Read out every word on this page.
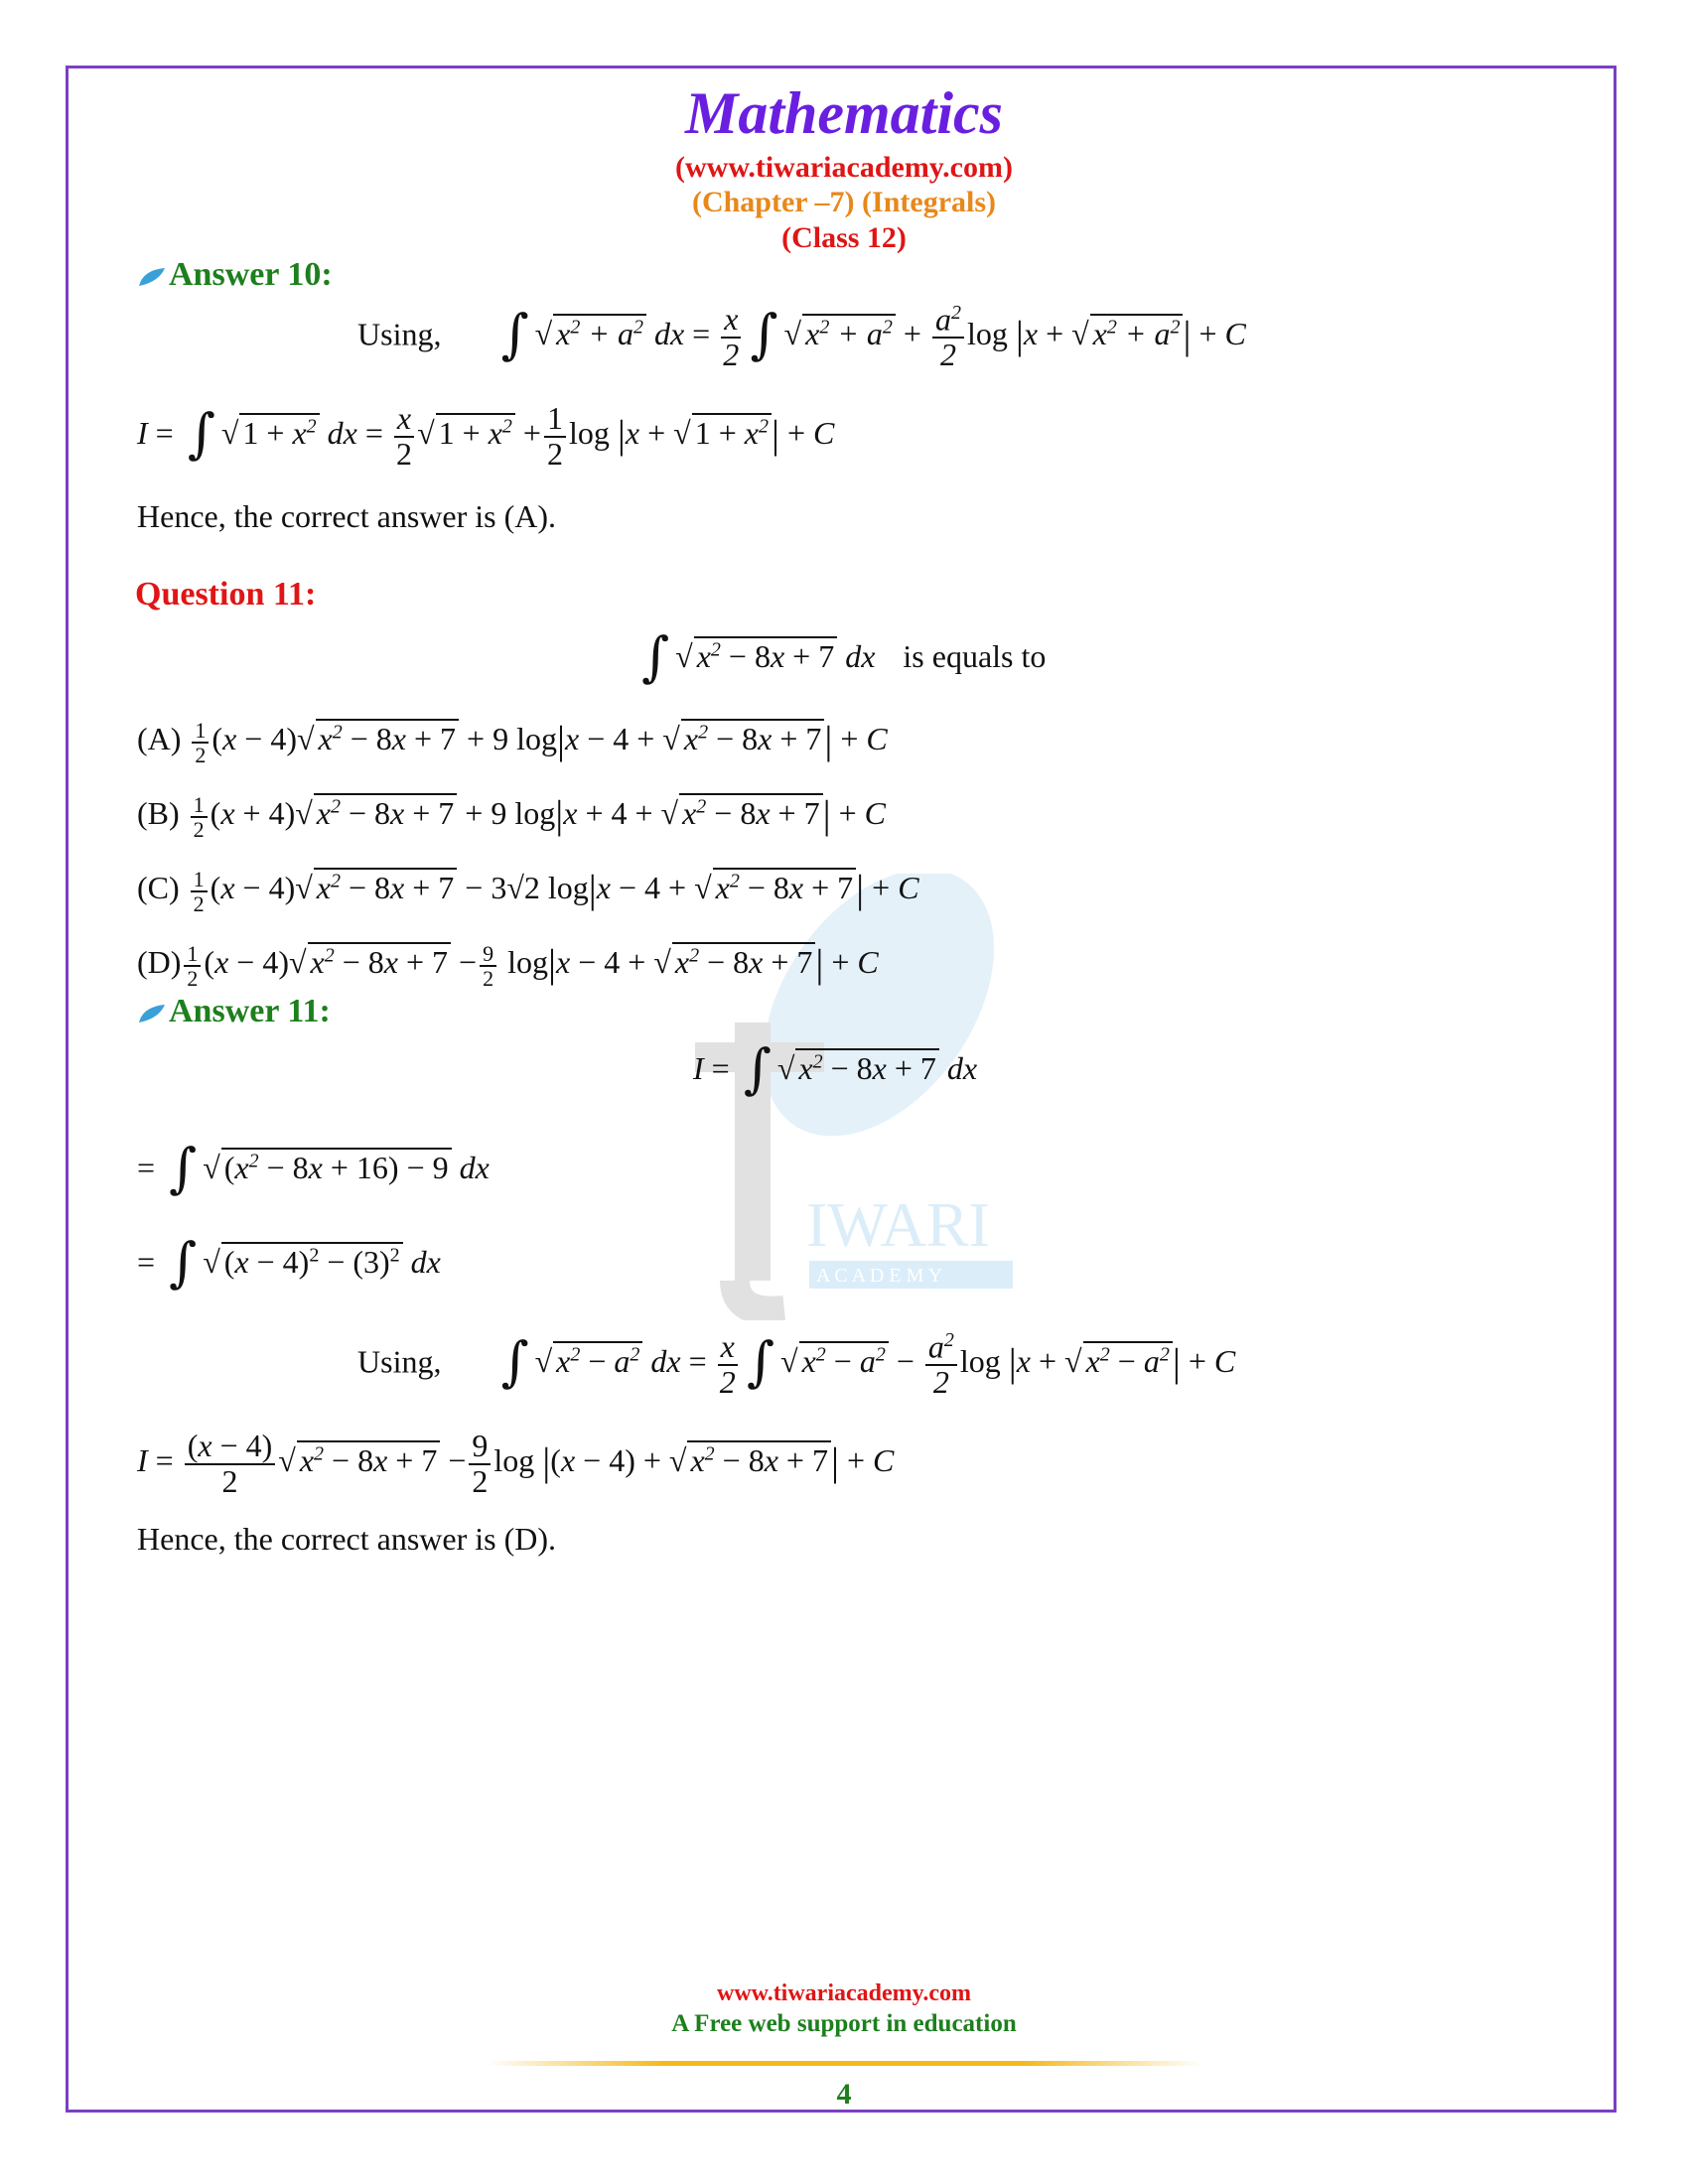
IWARI
A C A D E M Y
Mathematics
(www.tiwariacademy.com)
(Chapter –7) (Integrals)
(Class 12)
Answer 10:
Using, ∫ √ $x^2 + a^2$ dx = $\frac{x}{2}$ ∫ √ $x^2 + a^2 + \frac{a^2}{2}$ log |x + √ $x^2 + a^2| + C$
I = ∫ √ $1 + x^2$ dx = $\frac{x}{2}$ √ $1 + x^2 + \frac{1}{2}$ log |x + √ $1 + x^2| + C$
Hence, the correct answer is (A).
Question 11:
∫ √ $x^2 - 8x + 7$ dx is equals to
$(A) \frac{1}{2} (x - 4)√$ $x^2 - 8x + 7 + 9$ log|x − 4 + √ $x^2 - 8x + 7| + C$
$(B) \frac{1}{2} (x + 4)√$ $x^2 - 8x + 7 + 9$ log|x + 4 + √ $x^2 - 8x + 7| + C$
$(C) \frac{1}{2} (x - 4)√$ $x^2 - 8x + 7 - 3√2$ log|x − 4 + √ $x^2 - 8x + 7| + C$
$(D) \frac{1}{2} (x - 4)√$ $x^2 - 8x + 7 - \frac{9}{2} \log|x - 4$ + √ $x^2 - 8x + 7| + C$
Answer 11:
I = ∫ √ $x^2 - 8x + 7$ dx
= ∫ √ $(x^2 - 8x + 16) - 9$ dx
= ∫ √ $(x - 4)^2 - (3)^2$ dx
Using, ∫ √ $x^2 - a^2$ dx = $\frac{x}{2}$ ∫ √ $x^2 - a^2 - \frac{a^2}{2}$ log |x + √ $x^2 - a^2| + C$
$I = \frac{(x - 4)}{2}$ √ $x^2 - 8x + 7 - \frac{9}{2}$ log |(x − 4) + √ $x^2 - 8x + 7| + C$
Hence, the correct answer is (D).
www.tiwariacademy.com
A Free web support in education
4
